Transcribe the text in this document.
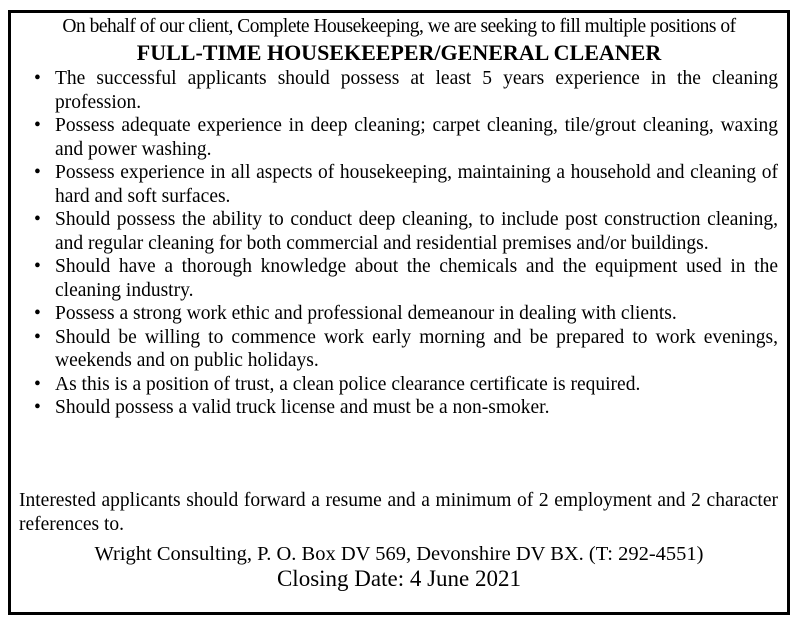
On behalf of our client, Complete Housekeeping, we are seeking to fill multiple positions of
FULL-TIME HOUSEKEEPER/GENERAL CLEANER
• The successful applicants should possess at least 5 years experience in the cleaning profession.
• Possess adequate experience in deep cleaning; carpet cleaning, tile/grout cleaning, waxing and power washing.
• Possess experience in all aspects of housekeeping, maintaining a household and cleaning of hard and soft surfaces.
• Should possess the ability to conduct deep cleaning, to include post construction cleaning, and regular cleaning for both commercial and residential premises and/or buildings.
• Should have a thorough knowledge about the chemicals and the equipment used in the cleaning industry.
• Possess a strong work ethic and professional demeanour in dealing with clients.
• Should be willing to commence work early morning and be prepared to work evenings, weekends and on public holidays.
• As this is a position of trust, a clean police clearance certificate is required.
• Should possess a valid truck license and must be a non-smoker.
Interested applicants should forward a resume and a minimum of 2 employment and 2 character references to.
Wright Consulting, P. O. Box DV 569, Devonshire DV BX. (T: 292-4551)
Closing Date: 4 June 2021
